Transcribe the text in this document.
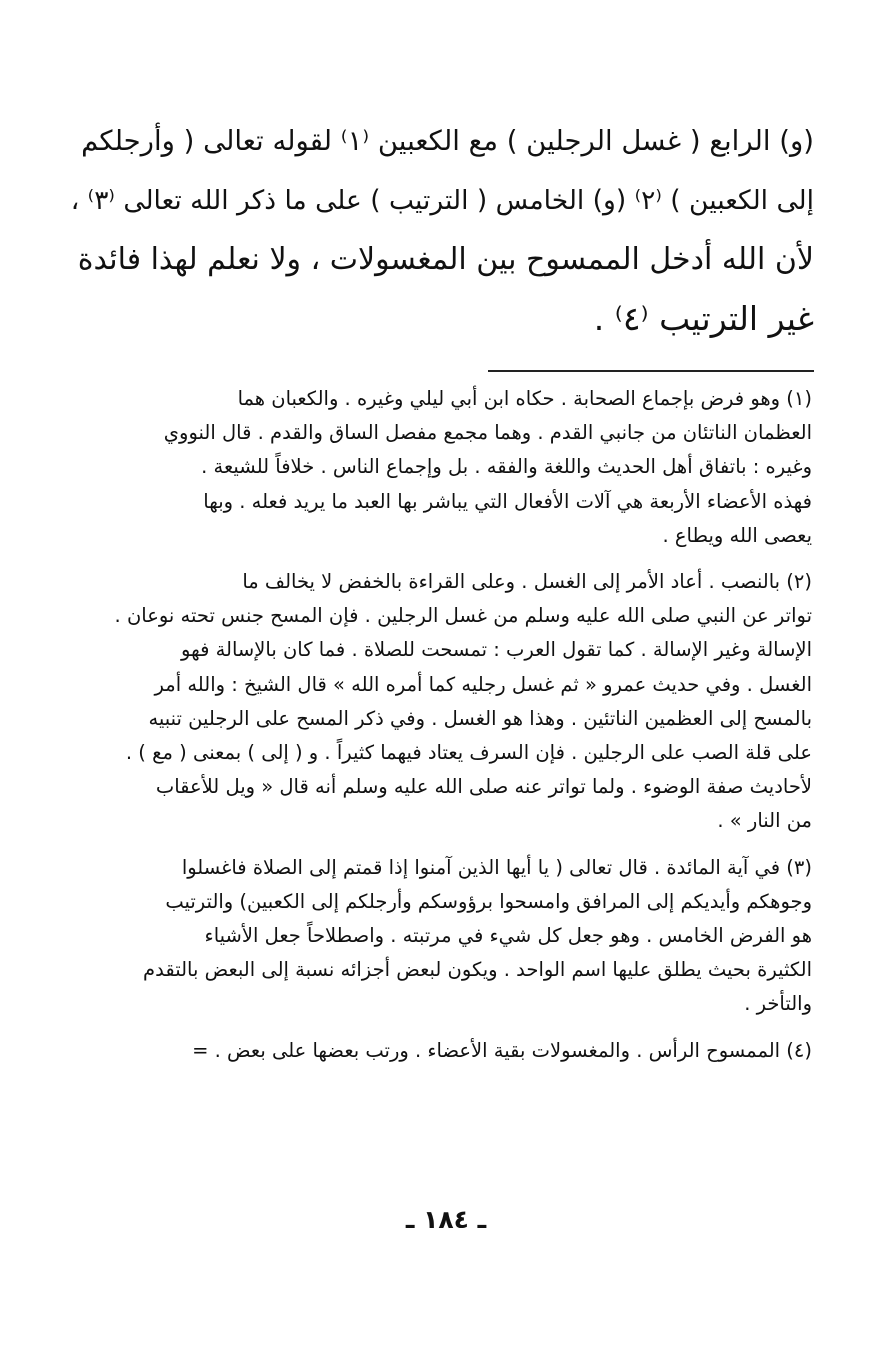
(و) الرابع ( غسل الرجلين ) مع الكعبين ⁽١⁾ لقوله تعالى ( وأرجلكم
إلى الكعبين ) ⁽٢⁾ (و) الخامس ( الترتيب ) على ما ذكر الله تعالى ⁽٣⁾ ،
لأن الله أدخل الممسوح بين المغسولات ، ولا نعلم لهذا فائدة
غير الترتيب ⁽٤⁾ .
(١) وهو فرض بإجماع الصحابة . حكاه ابن أبي ليلي وغيره . والكعبان هما
العظمان الناتئان من جانبي القدم . وهما مجمع مفصل الساق والقدم . قال النووي
وغيره : باتفاق أهل الحديث واللغة والفقه . بل وإجماع الناس . خلافاً للشيعة .
فهذه الأعضاء الأربعة هي آلات الأفعال التي يباشر بها العبد ما يريد فعله . وبها
يعصى الله ويطاع .
(٢) بالنصب . أعاد الأمر إلى الغسل . وعلى القراءة بالخفض لا يخالف ما
تواتر عن النبي صلى الله عليه وسلم من غسل الرجلين . فإن المسح جنس تحته نوعان .
الإسالة وغير الإسالة . كما تقول العرب : تمسحت للصلاة . فما كان بالإسالة فهو
الغسل . وفي حديث عمرو « ثم غسل رجليه كما أمره الله » قال الشيخ : والله أمر
بالمسح إلى العظمين الناتئين . وهذا هو الغسل . وفي ذكر المسح على الرجلين تنبيه
على قلة الصب على الرجلين . فإن السرف يعتاد فيهما كثيراً . و ( إلى ) بمعنى ( مع ) .
لأحاديث صفة الوضوء . ولما تواتر عنه صلى الله عليه وسلم أنه قال « ويل للأعقاب
من النار » .
(٣) في آية المائدة . قال تعالى ( يا أيها الذين آمنوا إذا قمتم إلى الصلاة فاغسلوا
وجوهكم وأيديكم إلى المرافق وامسحوا برؤوسكم وأرجلكم إلى الكعبين) والترتيب
هو الفرض الخامس . وهو جعل كل شيء في مرتبته . واصطلاحاً جعل الأشياء
الكثيرة بحيث يطلق عليها اسم الواحد . ويكون لبعض أجزائه نسبة إلى البعض بالتقدم
والتأخر .
(٤) الممسوح الرأس . والمغسولات بقية الأعضاء . ورتب بعضها على بعض . =
ـ ١٨٤ ـ
